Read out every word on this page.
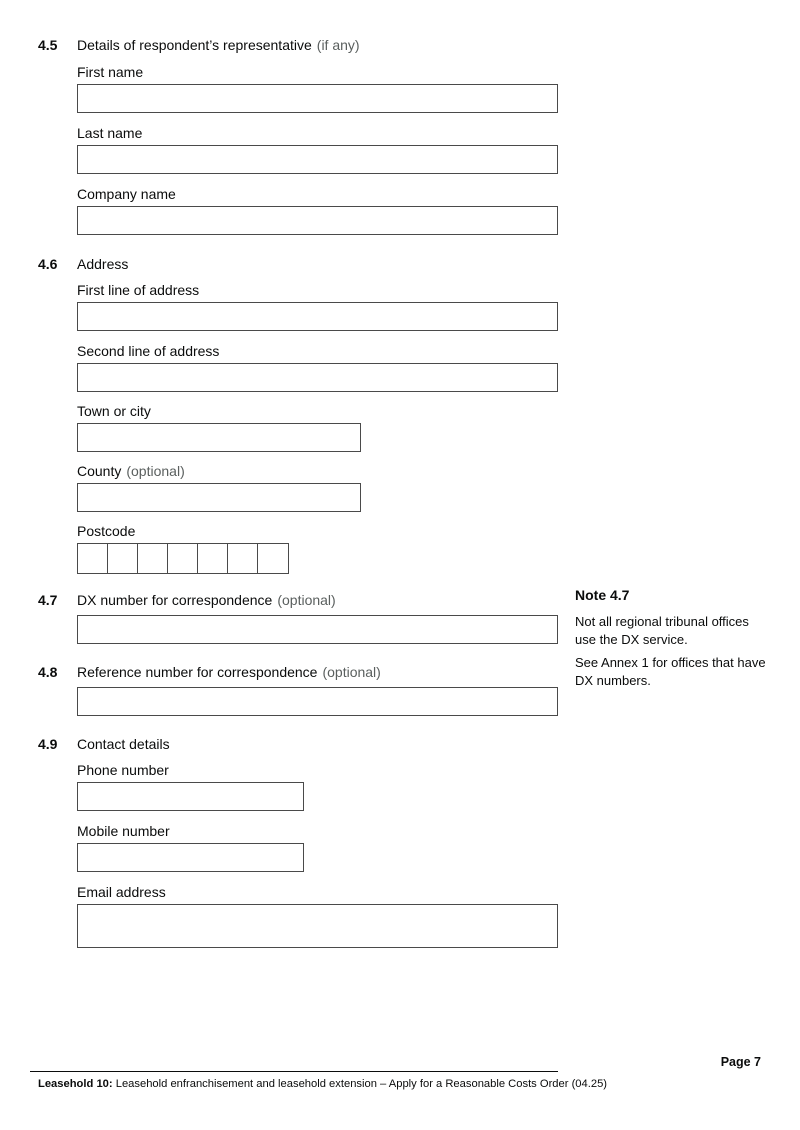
4.5	Details of respondent’s representative (if any)
First name
Last name
Company name
4.6	Address
First line of address
Second line of address
Town or city
County (optional)
Postcode
4.7	DX number for correspondence (optional)
4.8	Reference number for correspondence (optional)
4.9	Contact details
Phone number
Mobile number
Email address
Note 4.7
Not all regional tribunal offices use the DX service.
See Annex 1 for offices that have DX numbers.
Page 7
Leasehold 10: Leasehold enfranchisement and leasehold extension – Apply for a Reasonable Costs Order (04.25)
